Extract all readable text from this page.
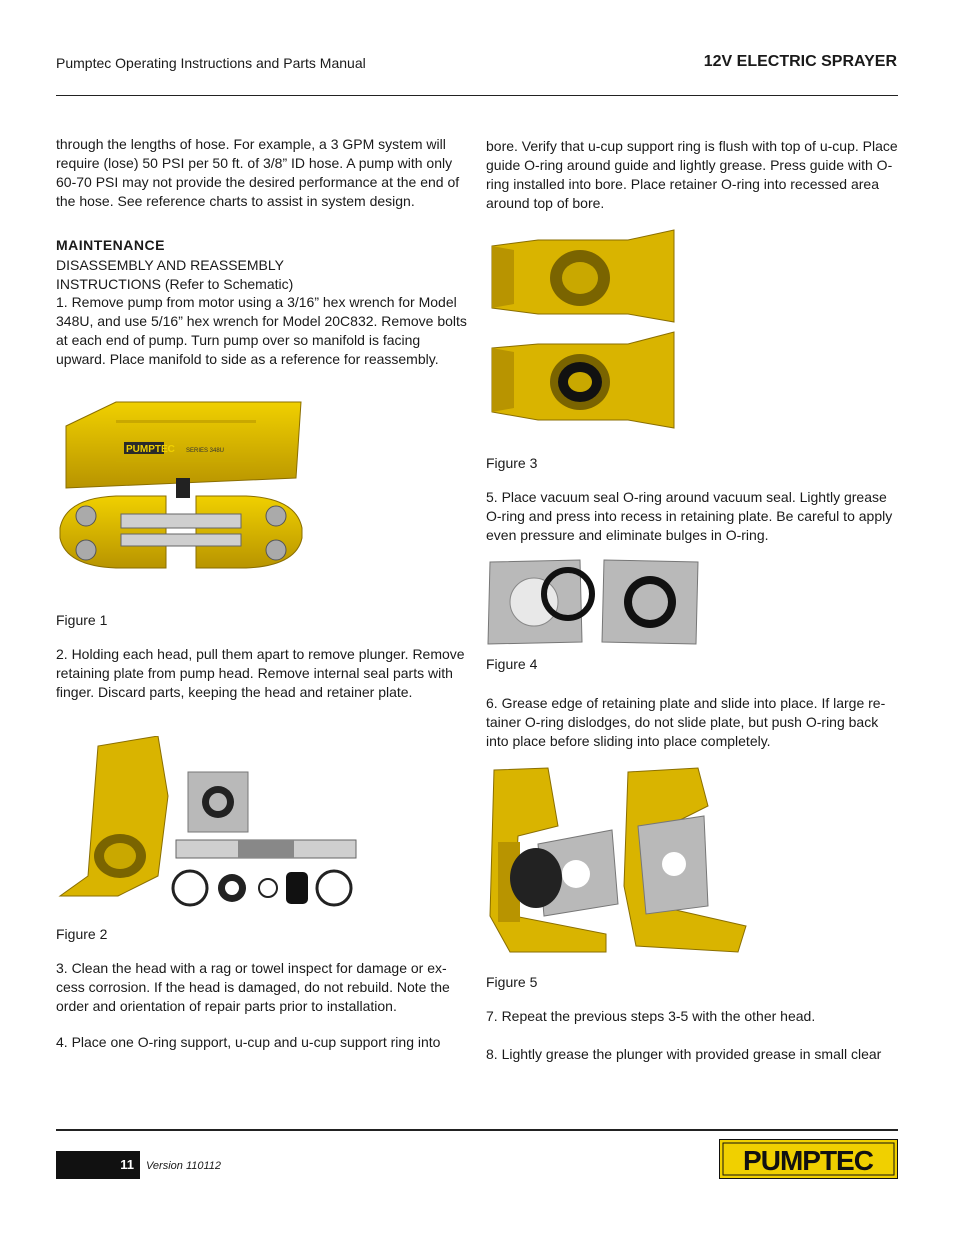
Pumptec Operating Instructions and Parts Manual	12V ELECTRIC SPRAYER

through the lengths of hose. For example, a 3 GPM system will require (lose) 50 PSI per 50 ft. of 3/8” ID hose. A pump with only 60-70 PSI may not provide the desired performance at the end of the hose. See reference charts to assist in system design.

MAINTENANCE

DISASSEMBLY AND REASSEMBLY

INSTRUCTIONS (Refer to Schematic)

1. Remove pump from motor using a 3/16” hex wrench for Model 348U, and use 5/16” hex wrench for Model 20C832. Remove bolts at each end of pump. Turn pump over so manifold is facing upward. Place manifold to side as a reference for reassembly.

PUMPTEC SERIES 348U
Figure 1

2. Holding each head, pull them apart to remove plunger. Remove retaining plate from pump head. Remove internal seal parts with finger. Discard parts, keeping the head and retainer plate.

Figure 2

3. Clean the head with a rag or towel inspect for damage or ex-cess corrosion. If the head is damaged, do not rebuild. Note the order and orientation of repair parts prior to installation.

4. Place one O-ring support, u-cup and u-cup support ring into

bore. Verify that u-cup support ring is flush with top of u-cup. Place guide O-ring around guide and lightly grease. Press guide with O-ring installed into bore. Place retainer O-ring into recessed area around top of bore.

Figure 3

5. Place vacuum seal O-ring around vacuum seal. Lightly grease O-ring and press into recess in retaining plate. Be careful to apply even pressure and eliminate bulges in O-ring.

Figure 4

6. Grease edge of retaining plate and slide into place. If large re-tainer O-ring dislodges, do not slide plate, but push O-ring back into place before sliding into place completely.

Figure 5

7. Repeat the previous steps 3-5 with the other head.

8. Lightly grease the plunger with provided grease in small clear

11	Version 110112	PUMPTEC
